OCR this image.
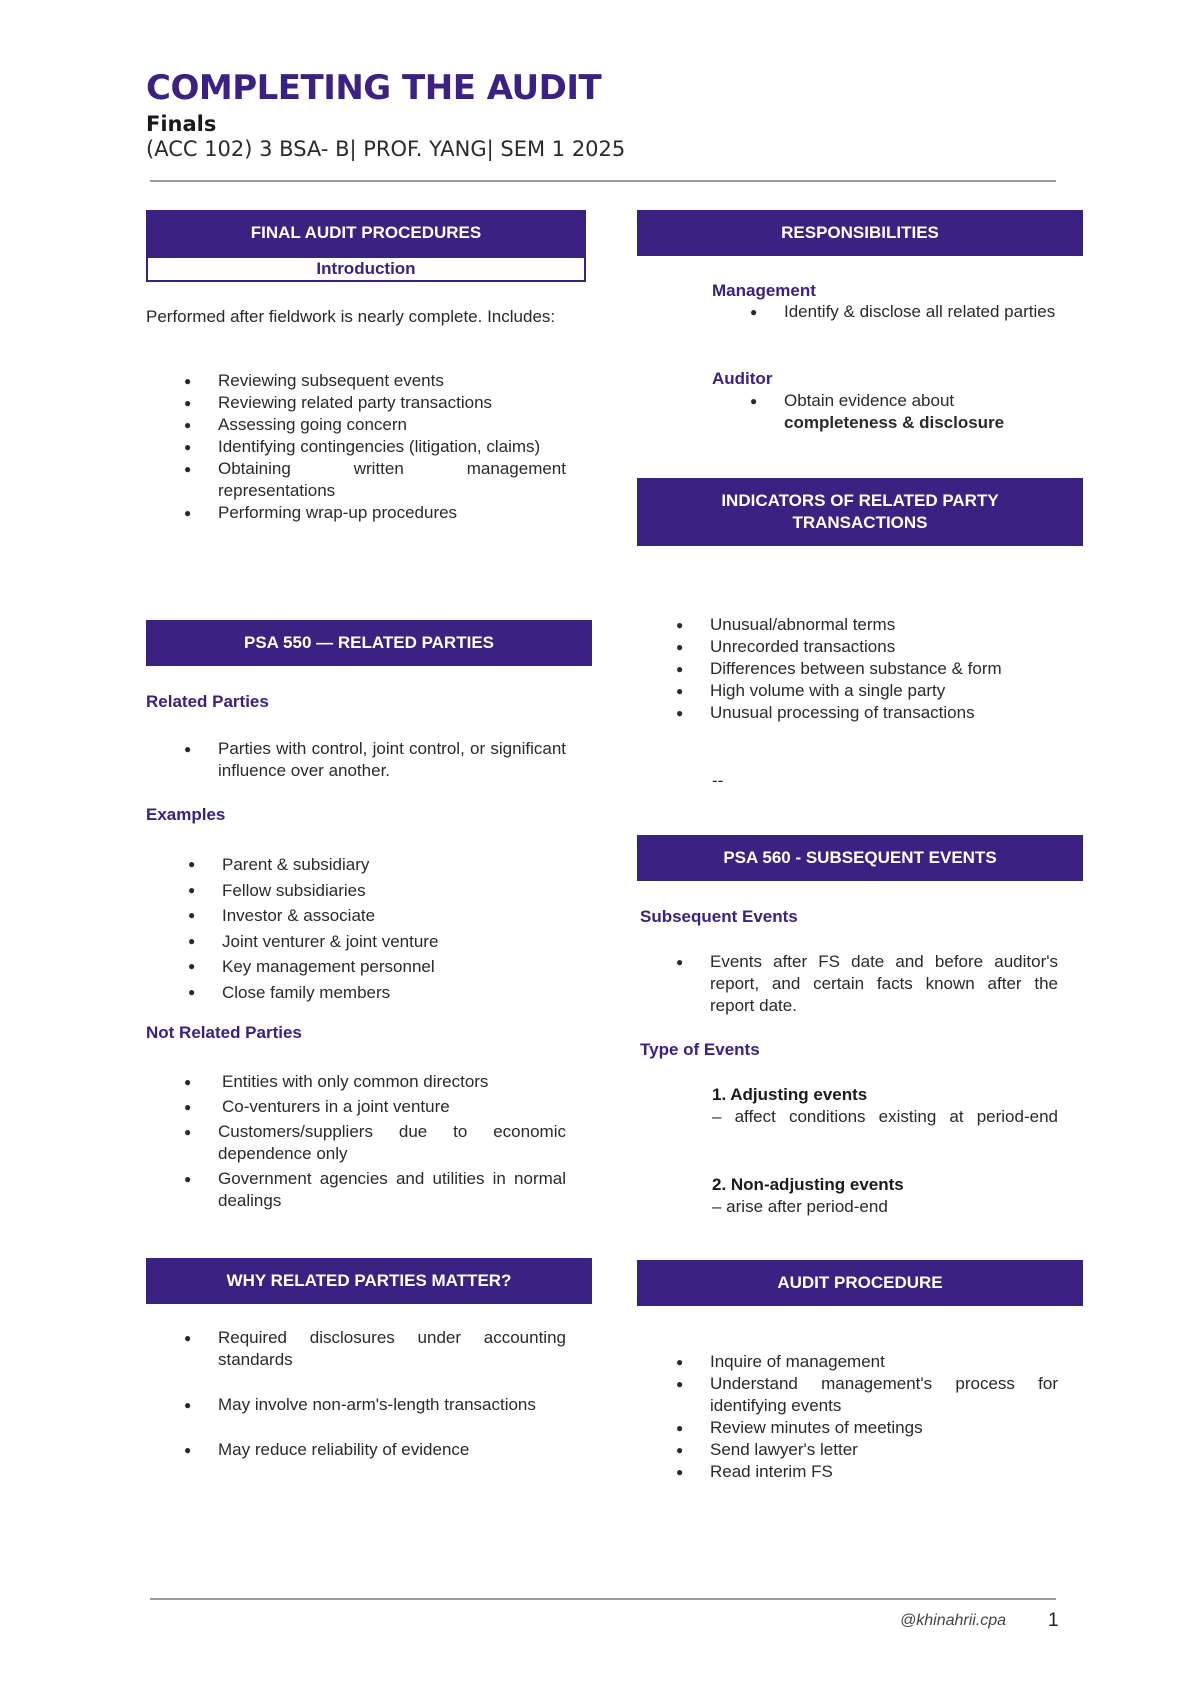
COMPLETING THE AUDIT
Finals
(ACC 102) 3 BSA- B| PROF. YANG| SEM 1 2025
FINAL AUDIT PROCEDURES
Introduction
Performed after fieldwork is nearly complete. Includes:
● Reviewing subsequent events
● Reviewing related party transactions
● Assessing going concern
● Identifying contingencies (litigation, claims)
● Obtaining written management representations
● Performing wrap-up procedures
PSA 550 — RELATED PARTIES
Related Parties
● Parties with control, joint control, or significant influence over another.
Examples
● Parent & subsidiary
● Fellow subsidiaries
● Investor & associate
● Joint venturer & joint venture
● Key management personnel
● Close family members
Not Related Parties
● Entities with only common directors
● Co-venturers in a joint venture
● Customers/suppliers due to economic dependence only
● Government agencies and utilities in normal dealings
WHY RELATED PARTIES MATTER?
● Required disclosures under accounting standards
● May involve non-arm's-length transactions
● May reduce reliability of evidence
RESPONSIBILITIES
Management
● Identify & disclose all related parties
Auditor
● Obtain evidence about
completeness & disclosure
INDICATORS OF RELATED PARTY TRANSACTIONS
● Unusual/abnormal terms
● Unrecorded transactions
● Differences between substance & form
● High volume with a single party
● Unusual processing of transactions
--
PSA 560 - SUBSEQUENT EVENTS
Subsequent Events
● Events after FS date and before auditor's report, and certain facts known after the report date.
Type of Events
1. Adjusting events
– affect conditions existing at period-end
2. Non-adjusting events
– arise after period-end
AUDIT PROCEDURE
● Inquire of management
● Understand management's process for identifying events
● Review minutes of meetings
● Send lawyer's letter
● Read interim FS
@khinahrii.cpa 1
